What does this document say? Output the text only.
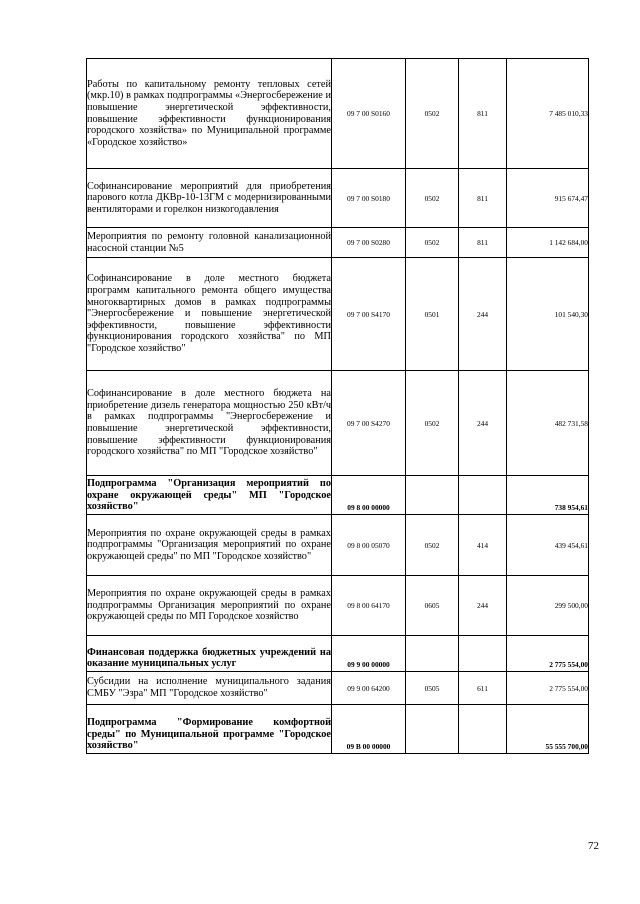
Работы по капитальному ремонту тепловых сетей (мкр.10) в рамках подпрограммы «Энергосбережение и повышение энергетической эффективности, повышение эффективности функционирования городского хозяйства» по Муниципальной программе «Городское хозяйство»	09 7 00 S0160	0502	811	7 485 010,33
Софинансирование мероприятий для приобретения парового котла ДКВр-10-13ГМ с модернизированными вентиляторами и горелкон низкогодавления	09 7 00 S0180	0502	811	915 674,47
Мероприятия по ремонту головной канализационной насосной станции №5	09 7 00 S0280	0502	811	1 142 684,00
Софинансирование в доле местного бюджета программ капитального ремонта общего имущества многоквартирных домов в рамках подпрограммы "Энергосбережение и повышение энергетической эффективности, повышение эффективности функционирования городского хозяйства" по МП "Городское хозяйство"	09 7 00 S4170	0501	244	101 540,30
Софинансирование в доле местного бюджета на приобретение дизель генератора мощностью 250 кВт/ч в рамках подпрограммы "Энергосбережение и повышение энергетической эффективности, повышение эффективности функционирования городского хозяйства" по МП "Городское хозяйство"	09 7 00 S4270	0502	244	482 731,58
Подпрограмма "Организация мероприятий по охране окружающей среды" МП "Городское хозяйство"	09 8 00 00000			738 954,61
Мероприятия по охране окружающей среды в рамках подпрограммы "Организация мероприятий по охране окружающей среды" по МП "Городское хозяйство"	09 8 00 05070	0502	414	439 454,61
Мероприятия по охране окружающей среды в рамках подпрограммы Организация мероприятий по охране окружающей среды по МП Городское хозяйство	09 8 00 64170	0605	244	299 500,00
Финансовая поддержка бюджетных учреждений на оказание муниципальных услуг	09 9 00 00000			2 775 554,00
Субсидии на исполнение муниципального задания СМБУ "Эзра" МП "Городское хозяйство"	09 9 00 64200	0505	611	2 775 554,00
Подпрограмма "Формирование комфортной среды" по Муниципальной программе "Городское хозяйство"	09 В 00 00000			55 555 700,00
72
